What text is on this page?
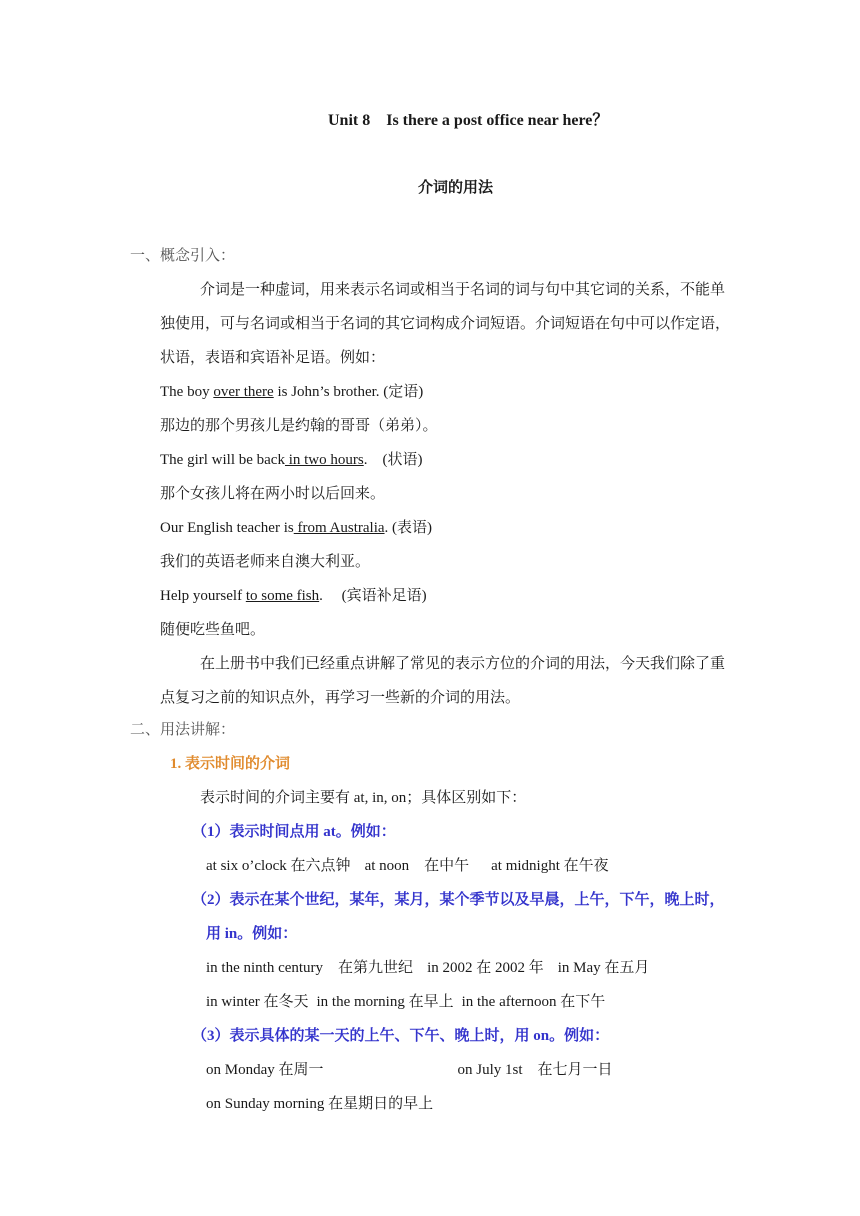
Unit 8　Is there a post office near here？
介词的用法
一、概念引入：
介词是一种虚词，用来表示名词或相当于名词的词与句中其它词的关系，不能单
独使用，可与名词或相当于名词的其它词构成介词短语。介词短语在句中可以作定语，
状语，表语和宾语补足语。例如：
The boy over there is John’s brother. (定语)
那边的那个男孩儿是约翰的哥哥（弟弟）。
The girl will be back in two hours.　(状语)
那个女孩儿将在两小时以后回来。
Our English teacher is from Australia. (表语)
我们的英语老师来自澳大利亚。
Help yourself to some fish.　 (宾语补足语)
随便吃些鱼吧。
在上册书中我们已经重点讲解了常见的表示方位的介词的用法，今天我们除了重
点复习之前的知识点外，再学习一些新的介词的用法。
二、用法讲解：
1. 表示时间的介词
表示时间的介词主要有 at, in, on；具体区别如下：
（1）表示时间点用 at。例如：
at six o’clock 在六点钟 at noon　在中午 at midnight 在午夜
（2）表示在某个世纪，某年，某月，某个季节以及早晨，上午，下午，晚上时，
用 in。例如：
in the ninth century　在第九世纪 in 2002 在 2002 年 in May 在五月
in winter 在冬天 in the morning 在早上 in the afternoon 在下午
（3）表示具体的某一天的上午、下午、晚上时，用 on。例如：
on Monday 在周一	on July 1st　在七月一日
on Sunday morning 在星期日的早上
